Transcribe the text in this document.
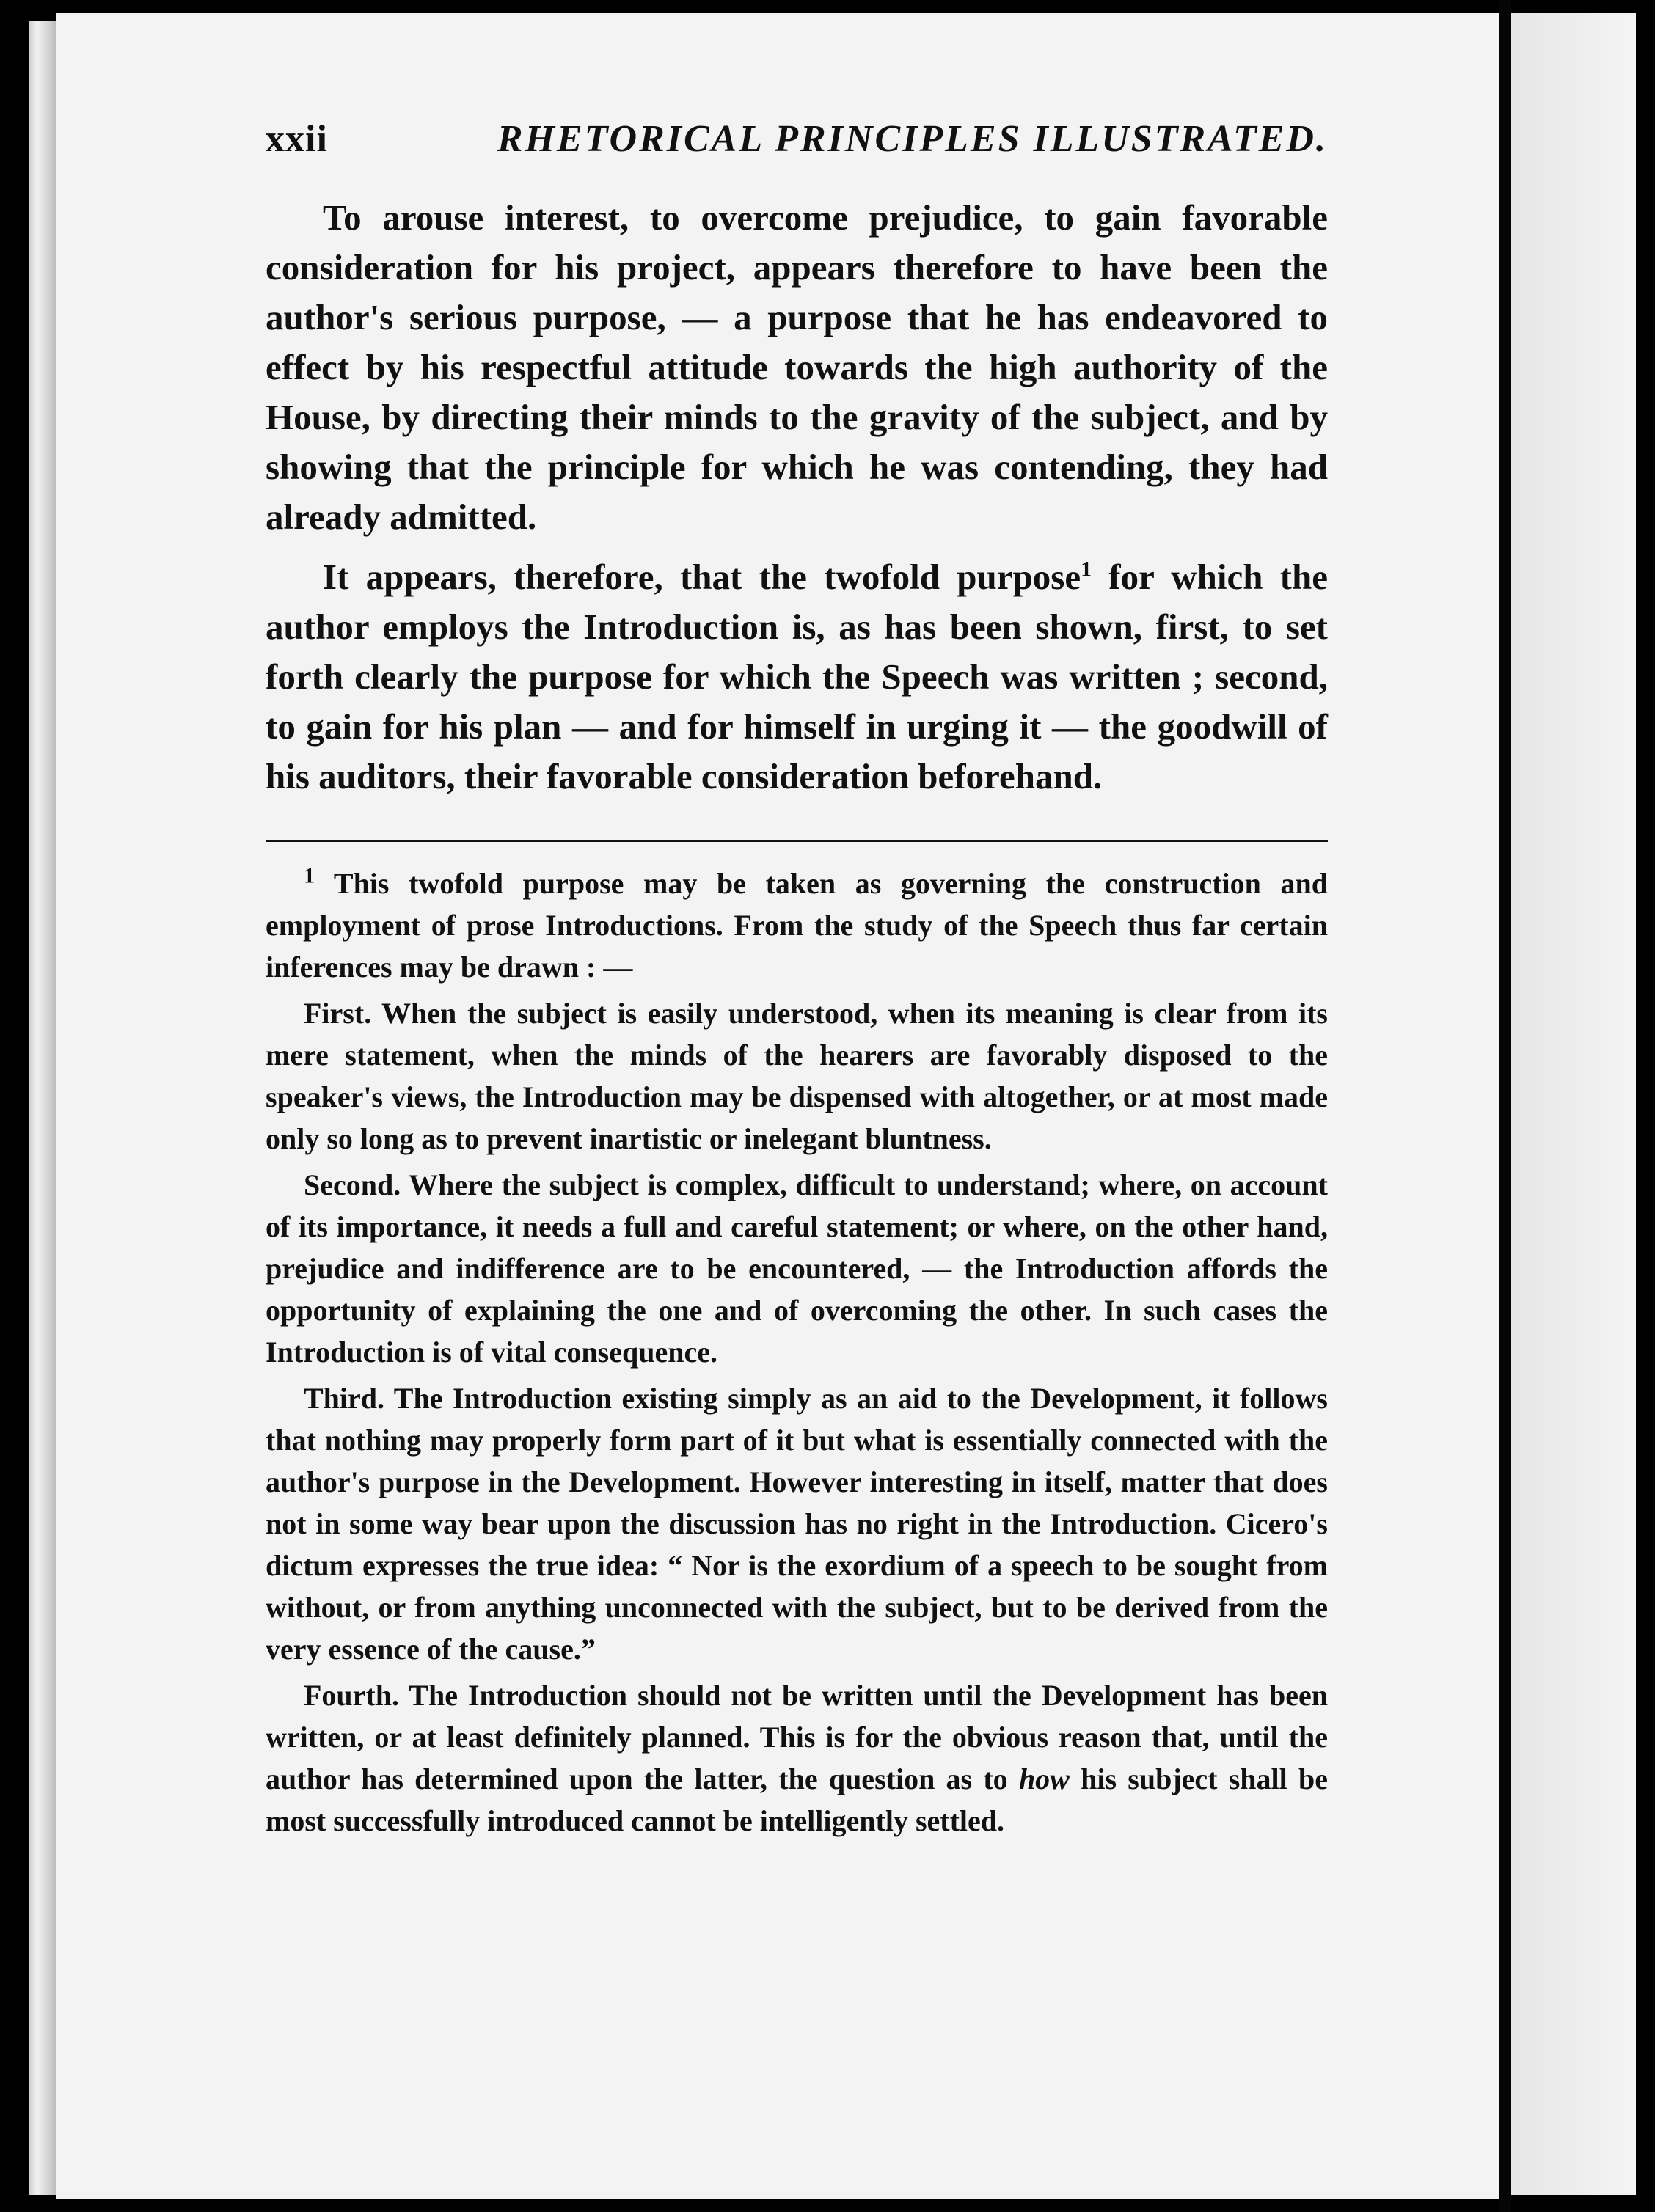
xxii	RHETORICAL PRINCIPLES ILLUSTRATED.

To arouse interest, to overcome prejudice, to gain favorable consideration for his project, appears therefore to have been the author's serious purpose, — a purpose that he has endeavored to effect by his respectful attitude towards the high authority of the House, by directing their minds to the gravity of the subject, and by showing that the principle for which he was contending, they had already admitted.

It appears, therefore, that the twofold purpose$^1$ for which the author employs the Introduction is, as has been shown, first, to set forth clearly the purpose for which the Speech was written ; second, to gain for his plan — and for himself in urging it — the goodwill of his auditors, their favorable consideration beforehand.

$^1$ This twofold purpose may be taken as governing the construction and employment of prose Introductions. From the study of the Speech thus far certain inferences may be drawn : —

First. When the subject is easily understood, when its meaning is clear from its mere statement, when the minds of the hearers are favorably disposed to the speaker's views, the Introduction may be dispensed with altogether, or at most made only so long as to prevent inartistic or inelegant bluntness.

Second. Where the subject is complex, difficult to understand; where, on account of its importance, it needs a full and careful statement; or where, on the other hand, prejudice and indifference are to be encountered, — the Introduction affords the opportunity of explaining the one and of overcoming the other. In such cases the Introduction is of vital consequence.

Third. The Introduction existing simply as an aid to the Development, it follows that nothing may properly form part of it but what is essentially connected with the author's purpose in the Development. However interesting in itself, matter that does not in some way bear upon the discussion has no right in the Introduction. Cicero's dictum expresses the true idea: “ Nor is the exordium of a speech to be sought from without, or from anything unconnected with the subject, but to be derived from the very essence of the cause.”

Fourth. The Introduction should not be written until the Development has been written, or at least definitely planned. This is for the obvious reason that, until the author has determined upon the latter, the question as to how his subject shall be most successfully introduced cannot be intelligently settled.
